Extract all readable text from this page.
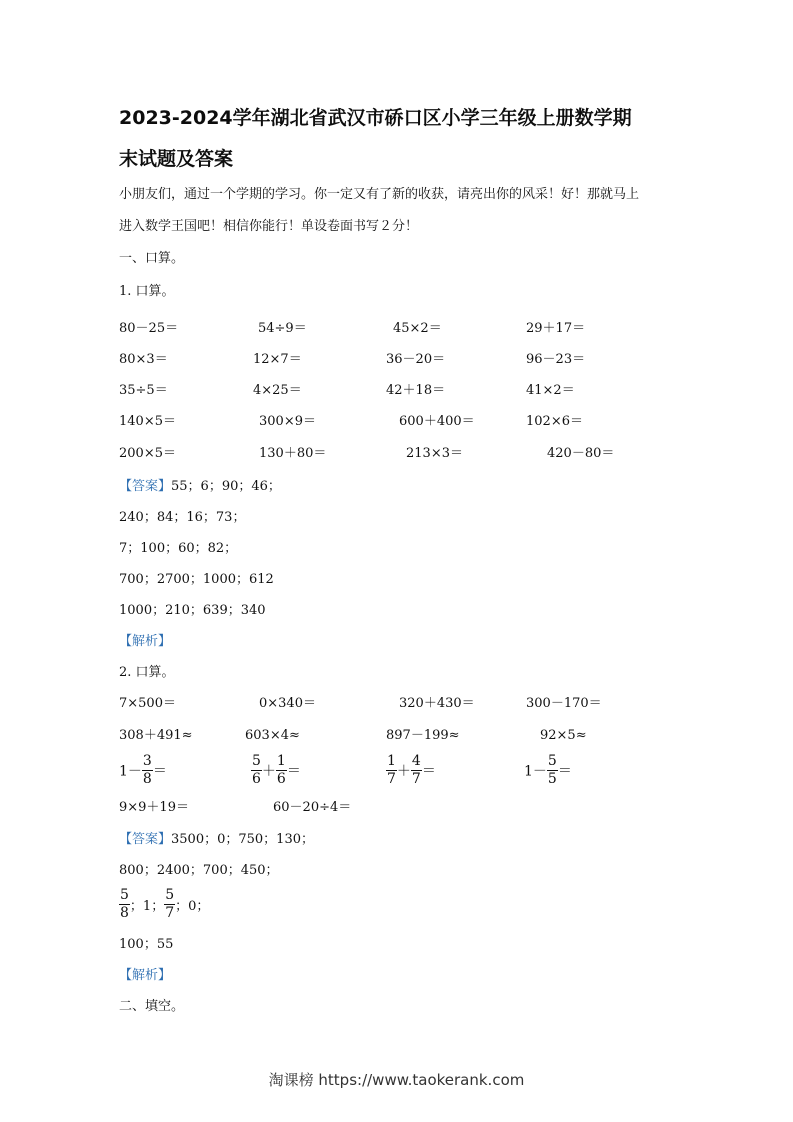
2023-2024学年湖北省武汉市硚口区小学三年级上册数学期
末试题及答案
小朋友们，通过一个学期的学习。你一定又有了新的收获，请亮出你的风采！好！那就马上
进入数学王国吧！相信你能行！单设卷面书写２分！
一、口算。
1. 口算。
80－25＝	54÷9＝	45×2＝	29＋17＝
80×3＝	12×7＝	36－20＝	96－23＝
35÷5＝	4×25＝	42＋18＝	41×2＝
140×5＝	300×9＝	600＋400＝	102×6＝
200×5＝	130＋80＝	213×3＝	420－80＝
【答案】55；6；90；46；
240；84；16；73；
7；100；60；82；
700；2700；1000；612
1000；210；639；340
【解析】
2. 口算。
7×500＝	0×340＝	320＋430＝	300－170＝
308＋491≈	603×4≈	897－199≈	92×5≈
$1- \frac{3}{8}$ ＝	$\frac{5}{6} + \frac{1}{6}$ ＝	$\frac{1}{7} + \frac{4}{7}$ ＝	$1- \frac{5}{5}$ ＝
9×9＋19＝	60－20÷4＝
【答案】3500；0；750；130；
800；2400；700；450；
$\frac{5}{8}$ ；1； $\frac{5}{7}$ ；0；
100；55
【解析】
二、填空。
淘课榜 https://www.taokerank.com
